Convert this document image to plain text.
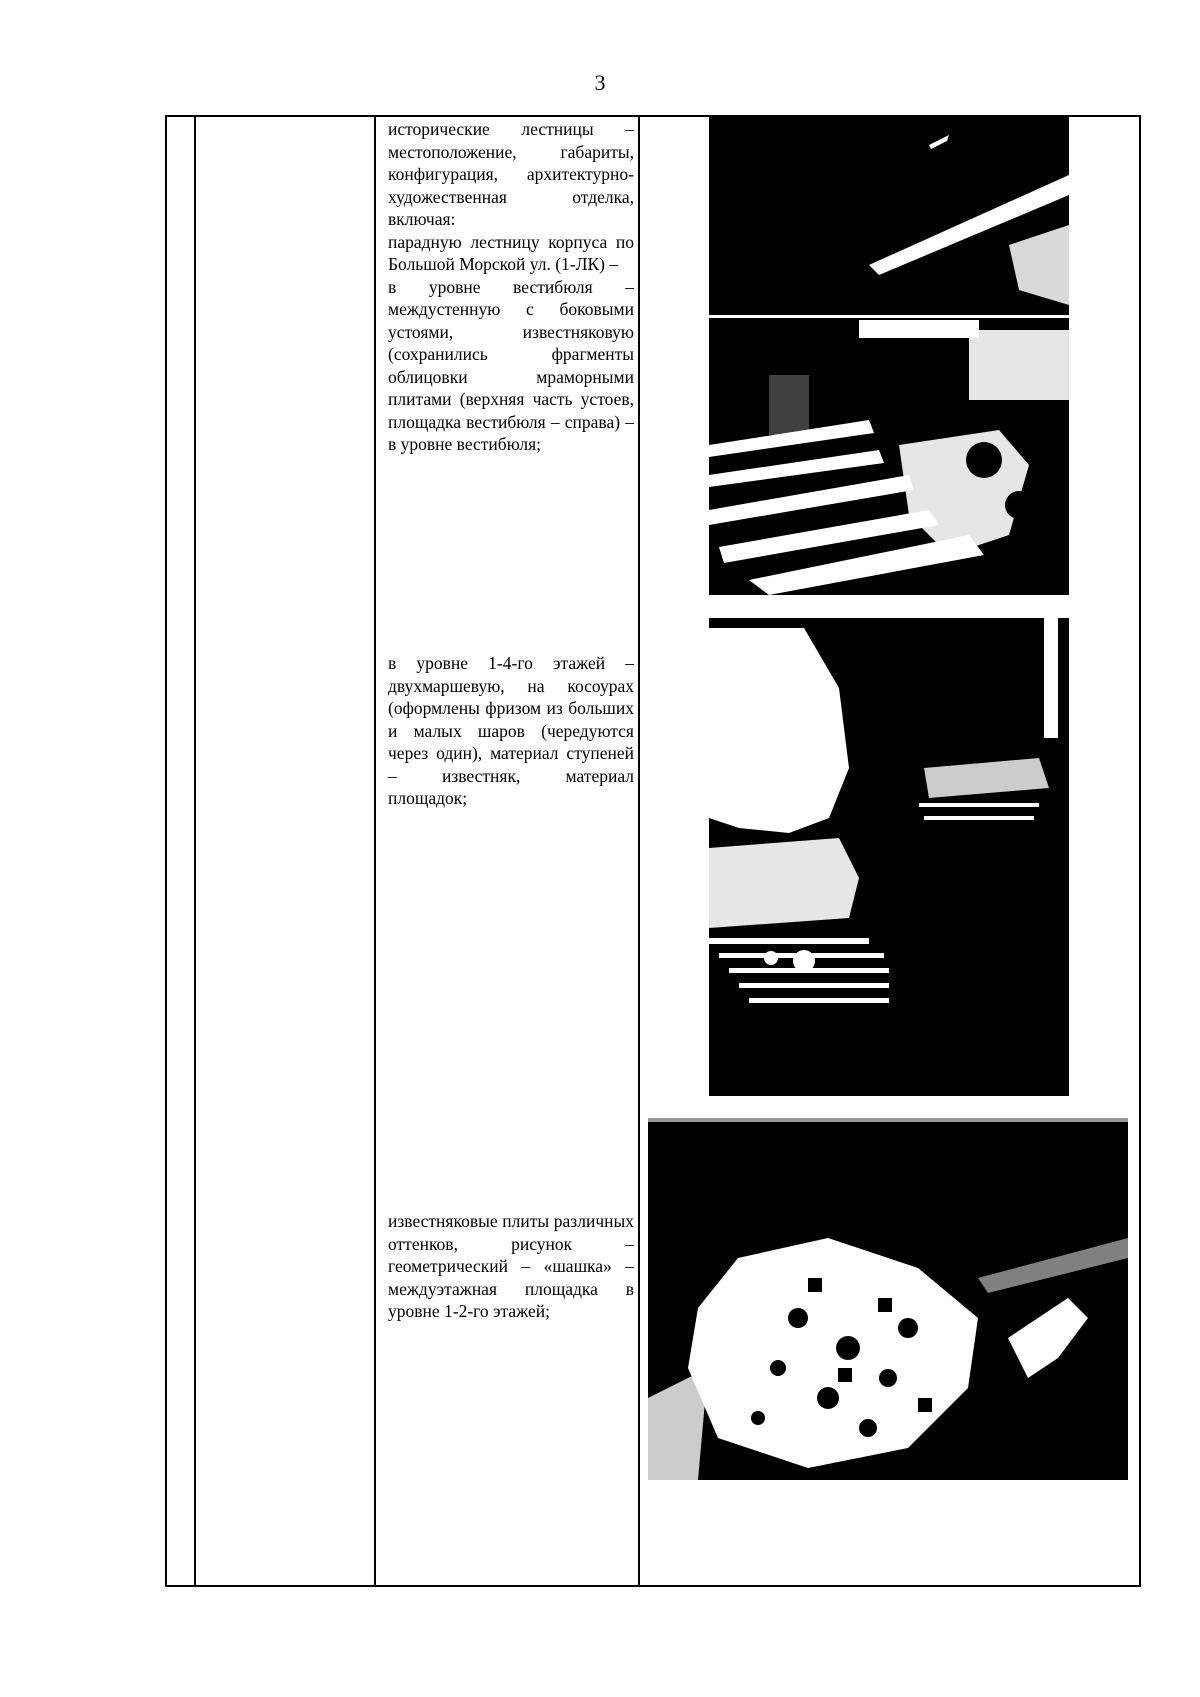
3

исторические лестницы – местоположение, габариты, конфигурация, архитектурно-художественная отделка, включая:

парадную лестницу корпуса по Большой Морской ул. (1-ЛК) –

в уровне вестибюля – междустенную с боковыми устоями, известняковую (сохранились фрагменты облицовки мраморными плитами (верхняя часть устоев, площадка вестибюля – справа) – в уровне вестибюля;

в уровне 1-4-го этажей – двухмаршевую, на косоурах (оформлены фризом из больших и малых шаров (чередуются через один), материал ступеней – известняк, материал площадок;

известняковые плиты различных оттенков, рисунок – геометрический – «шашка» – междуэтажная площадка в уровне 1-2-го этажей;
